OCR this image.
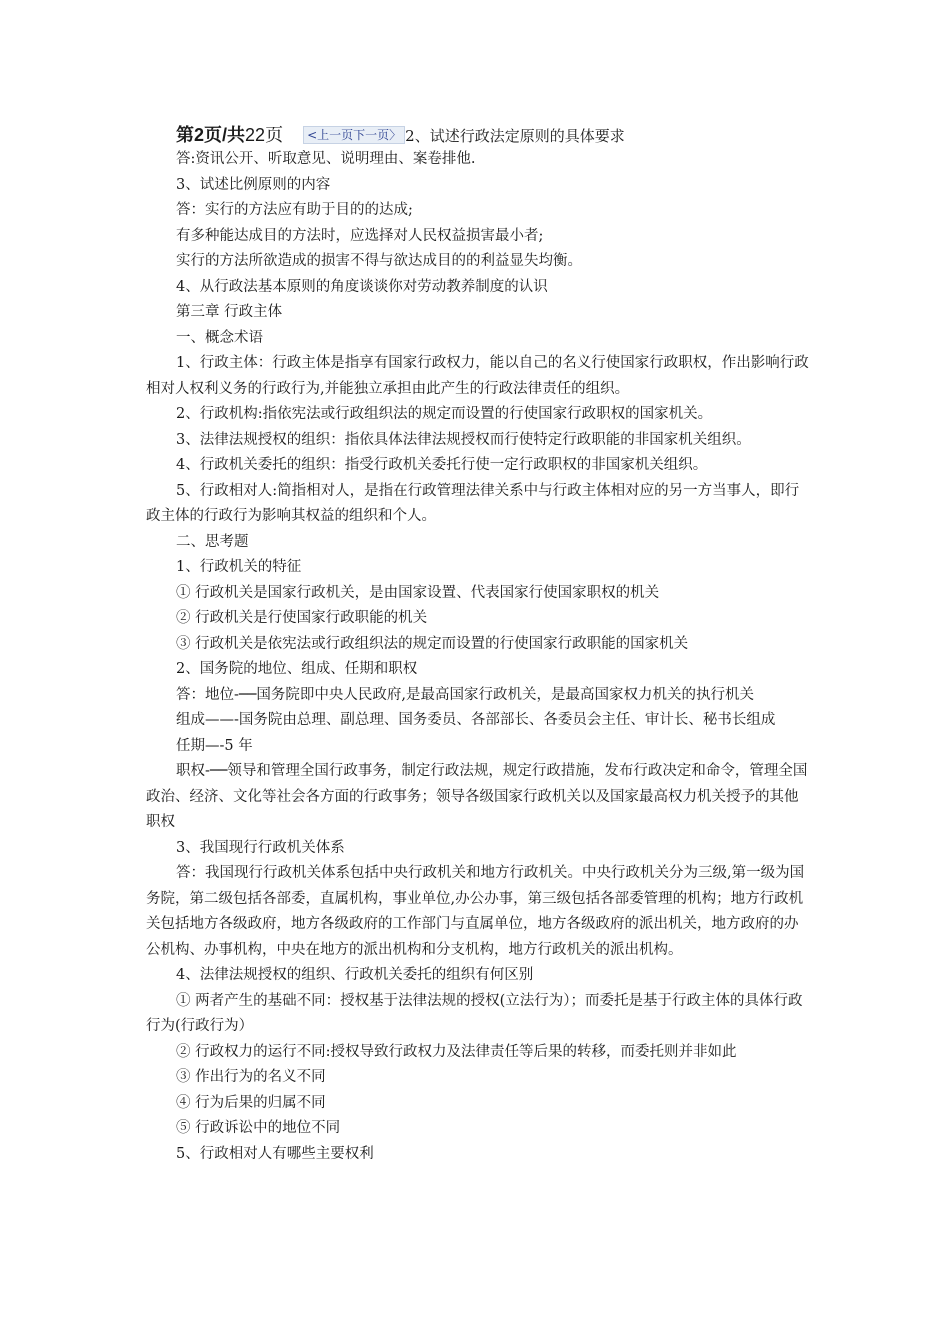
第2页/共22页 <上一页下一页〉 2、试述行政法定原则的具体要求

答:资讯公开、听取意见、说明理由、案卷排他.

3、试述比例原则的内容

答：实行的方法应有助于目的的达成;

有多种能达成目的方法时，应选择对人民权益损害最小者;

实行的方法所欲造成的损害不得与欲达成目的的利益显失均衡。

4、从行政法基本原则的角度谈谈你对劳动教养制度的认识

第三章 行政主体

一、概念术语

1、行政主体：行政主体是指享有国家行政权力，能以自己的名义行使国家行政职权，作出影响行政相对人权利义务的行政行为,并能独立承担由此产生的行政法律责任的组织。

2、行政机构:指依宪法或行政组织法的规定而设置的行使国家行政职权的国家机关。

3、法律法规授权的组织：指依具体法律法规授权而行使特定行政职能的非国家机关组织。

4、行政机关委托的组织：指受行政机关委托行使一定行政职权的非国家机关组织。

5、行政相对人:简指相对人，是指在行政管理法律关系中与行政主体相对应的另一方当事人，即行政主体的行政行为影响其权益的组织和个人。

二、思考题

1、行政机关的特征

① 行政机关是国家行政机关，是由国家设置、代表国家行使国家职权的机关

② 行政机关是行使国家行政职能的机关

③ 行政机关是依宪法或行政组织法的规定而设置的行使国家行政职能的国家机关

2、国务院的地位、组成、任期和职权

答：地位-──国务院即中央人民政府,是最高国家行政机关，是最高国家权力机关的执行机关

组成——-国务院由总理、副总理、国务委员、各部部长、各委员会主任、审计长、秘书长组成

任期—-5 年

职权-──领导和管理全国行政事务，制定行政法规，规定行政措施，发布行政决定和命令，管理全国政治、经济、文化等社会各方面的行政事务；领导各级国家行政机关以及国家最高权力机关授予的其他职权

3、我国现行行政机关体系

答：我国现行行政机关体系包括中央行政机关和地方行政机关。中央行政机关分为三级,第一级为国务院，第二级包括各部委，直属机构，事业单位,办公办事，第三级包括各部委管理的机构；地方行政机关包括地方各级政府，地方各级政府的工作部门与直属单位，地方各级政府的派出机关，地方政府的办公机构、办事机构，中央在地方的派出机构和分支机构，地方行政机关的派出机构。

4、法律法规授权的组织、行政机关委托的组织有何区别

① 两者产生的基础不同：授权基于法律法规的授权(立法行为）；而委托是基于行政主体的具体行政行为(行政行为）

② 行政权力的运行不同:授权导致行政权力及法律责任等后果的转移，而委托则并非如此

③ 作出行为的名义不同

④ 行为后果的归属不同

⑤ 行政诉讼中的地位不同

5、行政相对人有哪些主要权利
